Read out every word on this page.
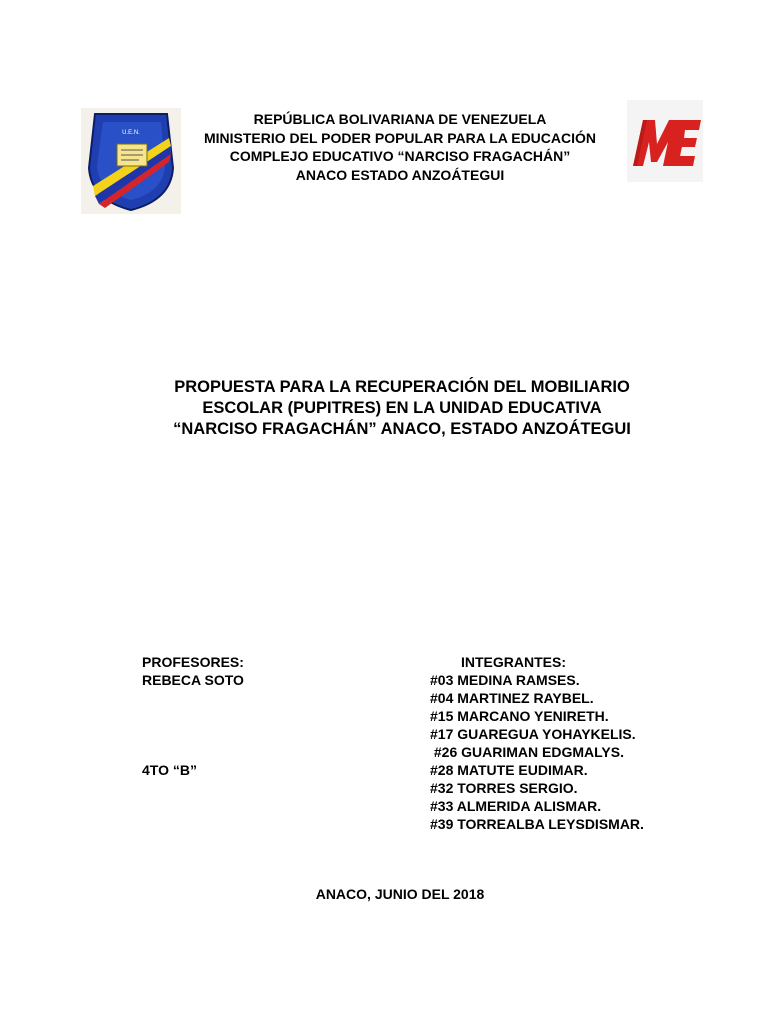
U.E.N.
REPÚBLICA BOLIVARIANA DE VENEZUELA
MINISTERIO DEL PODER POPULAR PARA LA EDUCACIÓN
COMPLEJO EDUCATIVO “NARCISO FRAGACHÁN”
ANACO ESTADO ANZOÁTEGUI
PROPUESTA PARA LA RECUPERACIÓN DEL MOBILIARIO
ESCOLAR (PUPITRES) EN LA UNIDAD EDUCATIVA
“NARCISO FRAGACHÁN” ANACO, ESTADO ANZOÁTEGUI
PROFESORES:
REBECA SOTO
4TO “B”
INTEGRANTES:
#03 MEDINA RAMSES.
#04 MARTINEZ RAYBEL.
#15 MARCANO YENIRETH.
#17 GUAREGUA YOHAYKELIS.
#26 GUARIMAN EDGMALYS.
#28 MATUTE EUDIMAR.
#32 TORRES SERGIO.
#33 ALMERIDA ALISMAR.
#39 TORREALBA LEYSDISMAR.
ANACO, JUNIO DEL 2018
